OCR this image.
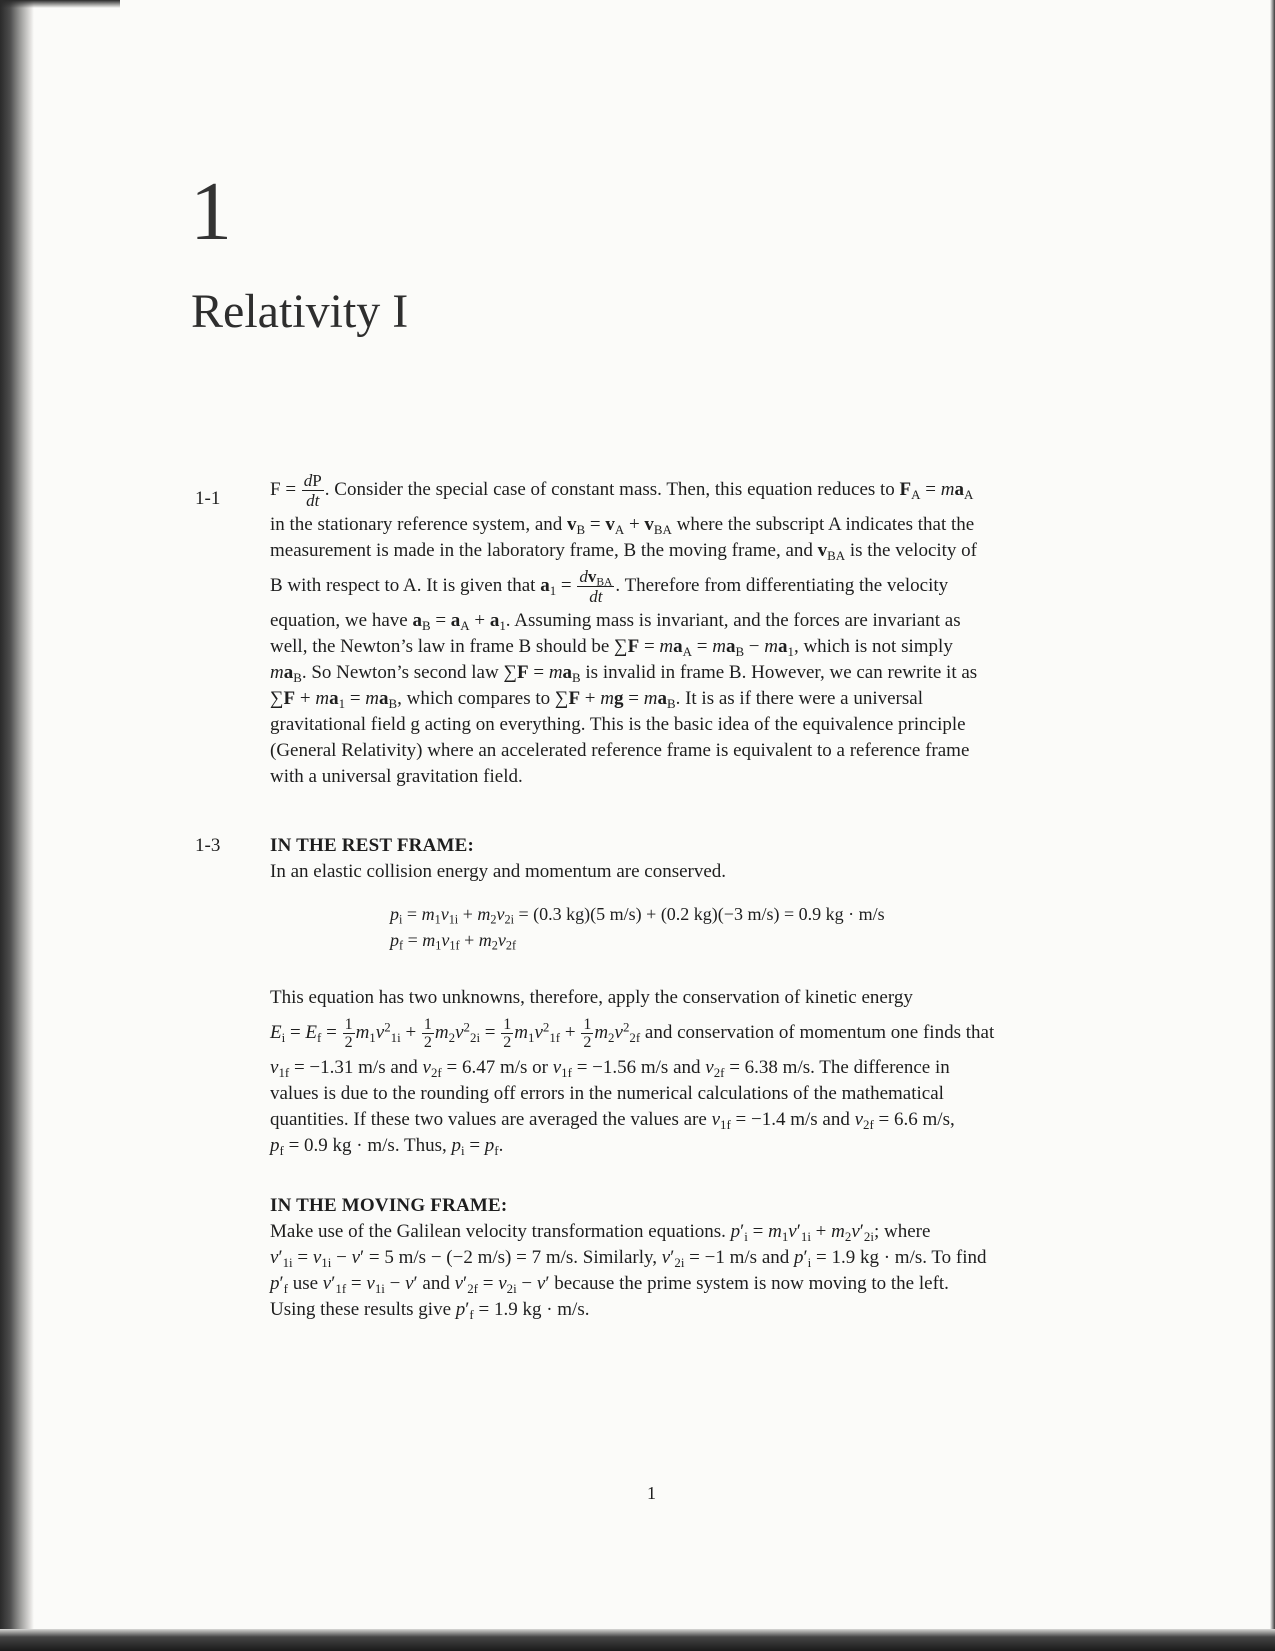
1
Relativity I
1-1	$F = \frac{dP}{dt}$ . Consider the special case of constant mass. Then, this equation reduces to $F_A = ma_A$
in the stationary reference system, and $v_B = v_A + v_{BA}$ where the subscript A indicates that the
measurement is made in the laboratory frame, B the moving frame, and $v_{BA}$ is the velocity of
B with respect to A. It is given that $a_1 = \frac{dv_{BA}}{dt}$ . Therefore from differentiating the velocity
equation, we have $a_B = a_A + a_1$. Assuming mass is invariant, and the forces are invariant as
well, the Newton’s law in frame B should be $\sum F = ma_A = ma_B - ma_1$, which is not simply
$ma_B$. So Newton’s second law $\sum F = ma_B$ is invalid in frame B. However, we can rewrite it as
$\sum F + ma_1 = ma_B$, which compares to ∑F + mg = $ma_B$. It is as if there were a universal
gravitational field g acting on everything. This is the basic idea of the equivalence principle
(General Relativity) where an accelerated reference frame is equivalent to a reference frame
with a universal gravitation field.
1-3	IN THE REST FRAME:
In an elastic collision energy and momentum are conserved.
$p_i = m_1v_{1i} + m_2v_{2i} = (0.3$ kg)(5 m/s) + (0.2 kg)(−3 m/s) = 0.9 kg · m/s
$p_f = m_1v_{1f} + m_2v_{2f}$
This equation has two unknowns, therefore, apply the conservation of kinetic energy
$E_i = E_f = \frac{1}{2} m_1v^2_{1i} + \frac{1}{2} m_2v^2_{2i} = \frac{1}{2} m_1v^2_{1f} + \frac{1}{2} m_2v^2_{2f}$ and conservation of momentum one finds that
$v_{1f} = -1.31$ m/s and $v_{2f} = 6.47$ m/s or $v_{1f} = -1.56$ m/s and $v_{2f} = 6.38$ m/s. The difference in
values is due to the rounding off errors in the numerical calculations of the mathematical
quantities. If these two values are averaged the values are $v_{1f} = -1.4$ m/s and $v_{2f} = 6.6$ m/s,
$p_f = 0.9$ kg · m/s. Thus, $p_i = p_f$.
IN THE MOVING FRAME:
Make use of the Galilean velocity transformation equations. $p'_i = m_1v'_{1i} + m_2v'_{2i}$; where
$v'_{1i} = v_{1i} - v' = 5$ m/s − (−2 m/s) = 7 m/s. Similarly, $v'_{2i} = -1$ m/s and $p'_i = 1.9$ kg · m/s. To find
$p'_f$ use $v'_{1f} = v_{1i} - v'$ and $v'_{2f} = v_{2i} - v'$ because the prime system is now moving to the left.
Using these results give $p'_f = 1.9$ kg · m/s.
1
